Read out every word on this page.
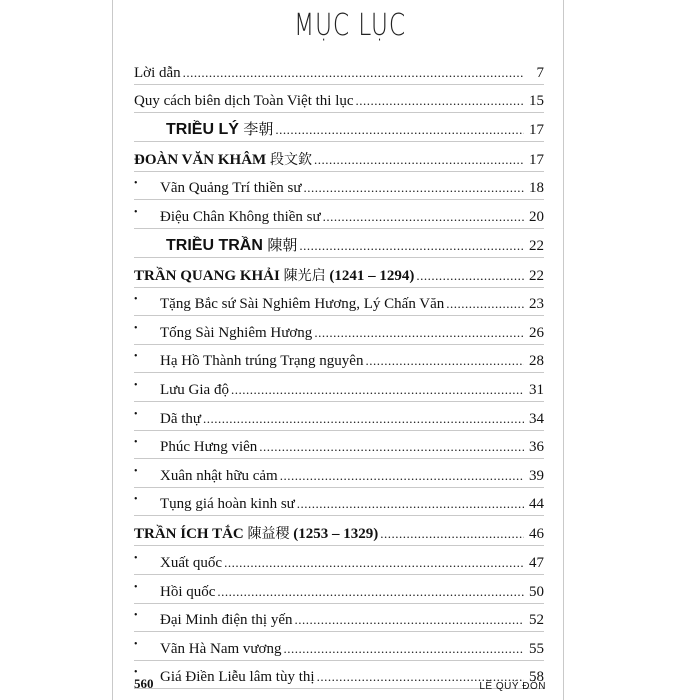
MỤC LỤC
Lời dẫn .....	7
Quy cách biên dịch Toàn Việt thi lục .....	15
TRIỀU LÝ 李朝 .....	17
ĐOÀN VĂN KHÂM 段文欽 .....	17
•	Vãn Quảng Trí thiền sư .....	18
•	Điệu Chân Không thiền sư .....	20
TRIỀU TRẦN 陳朝 .....	22
TRẦN QUANG KHẢI 陳光启 (1241 – 1294) .....	22
•	Tặng Bắc sứ Sài Nghiêm Hương, Lý Chấn Văn .....	23
•	Tống Sài Nghiêm Hương .....	26
•	Hạ Hồ Thành trúng Trạng nguyên .....	28
•	Lưu Gia độ .....	31
•	Dã thự .....	34
•	Phúc Hưng viên .....	36
•	Xuân nhật hữu cảm .....	39
•	Tụng giá hoàn kinh sư .....	44
TRẦN ÍCH TẮC 陳益稷 (1253 – 1329) .....	46
•	Xuất quốc .....	47
•	Hồi quốc .....	50
•	Đại Minh điện thị yến .....	52
•	Vãn Hà Nam vương .....	55
•	Giá Điền Liễu lâm tùy thị .....	58
560	LÊ QUÝ ĐÔN
